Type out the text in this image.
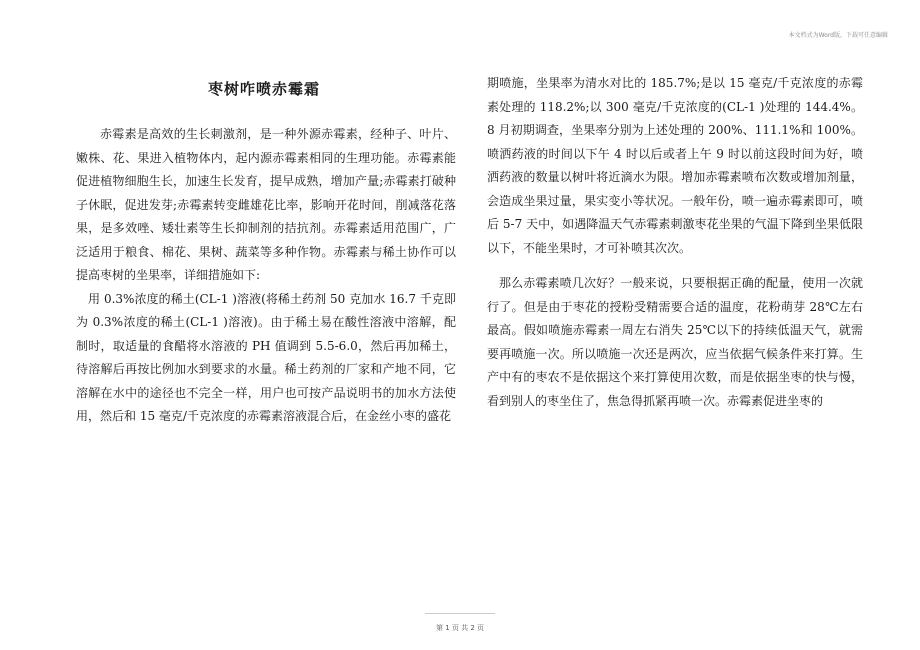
本文档式为Word版，下载可任意编辑
枣树咋喷赤霉霜

赤霉素是高效的生长刺激剂，是一种外源赤霉素，经种子、叶片、嫩株、花、果进入植物体内，起内源赤霉素相同的生理功能。赤霉素能促进植物细胞生长，加速生长发育，提早成熟，增加产量;赤霉素打破种子休眠，促进发芽;赤霉素转变雌雄花比率，影响开花时间，削减落花落果，是多效唑、矮壮素等生长抑制剂的拮抗剂。赤霉素适用范围广，广泛适用于粮食、棉花、果树、蔬菜等多种作物。赤霉素与稀土协作可以提高枣树的坐果率，详细措施如下:

用 0.3%浓度的稀土(CL-1 )溶液(将稀土药剂 50 克加水 16.7 千克即为 0.3%浓度的稀土(CL-1 )溶液)。由于稀土易在酸性溶液中溶解，配制时，取适量的食醋将水溶液的 PH 值调到 5.5-6.0，然后再加稀土，待溶解后再按比例加水到要求的水量。稀土药剂的厂家和产地不同，它溶解在水中的途径也不完全一样，用户也可按产品说明书的加水方法使用，然后和 15 毫克/千克浓度的赤霉素溶液混合后，在金丝小枣的盛花

期喷施，坐果率为清水对比的 185.7%;是以 15 毫克/千克浓度的赤霉素处理的 118.2%;以 300 毫克/千克浓度的(CL-1 )处理的 144.4%。8 月初期调查，坐果率分别为上述处理的 200%、111.1%和 100%。喷洒药液的时间以下午 4 时以后或者上午 9 时以前这段时间为好，喷洒药液的数量以树叶将近滴水为限。增加赤霉素喷布次数或增加剂量，会造成坐果过量，果实变小等状况。一般年份，喷一遍赤霉素即可，喷后 5-7 天中，如遇降温天气赤霉素刺激枣花坐果的气温下降到坐果低限以下，不能坐果时，才可补喷其次次。

那么赤霉素喷几次好？一般来说，只要根据正确的配量，使用一次就行了。但是由于枣花的授粉受精需要合适的温度，花粉萌芽 28℃左右最高。假如喷施赤霉素一周左右消失 25℃以下的持续低温天气，就需要再喷施一次。所以喷施一次还是两次，应当依据气候条件来打算。生产中有的枣农不是依据这个来打算使用次数，而是依据坐枣的快与慢，看到别人的枣坐住了，焦急得抓紧再喷一次。赤霉素促进坐枣的

第 1 页 共 2 页
